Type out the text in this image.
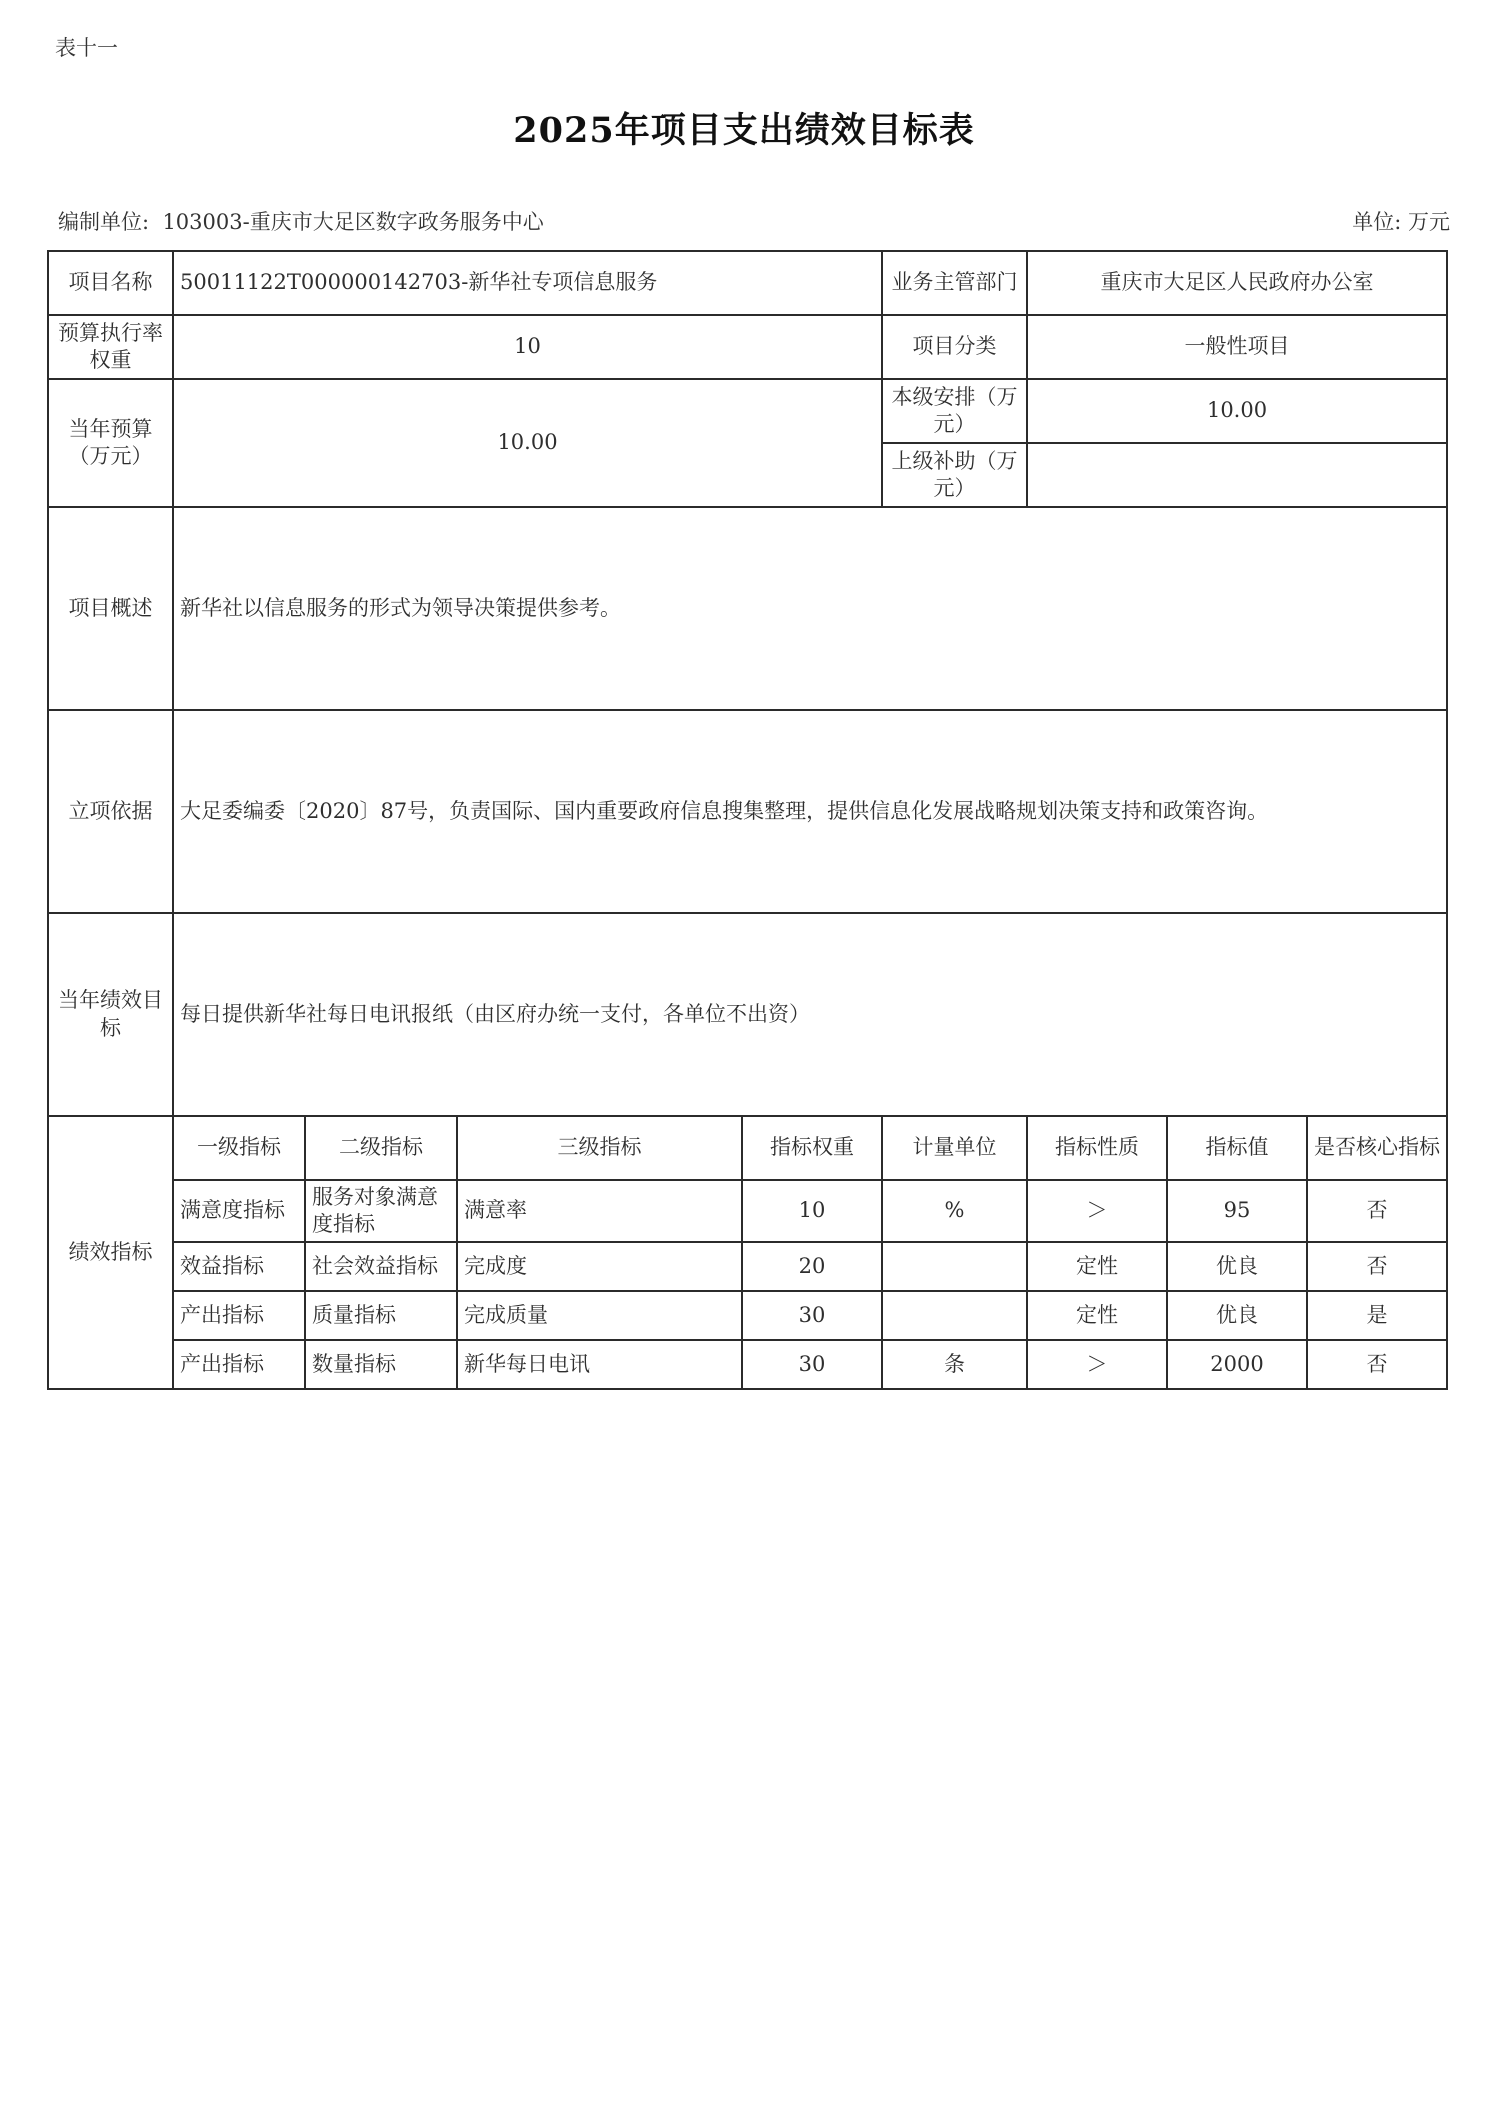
表十一
2025年项目支出绩效目标表
编制单位: 103003-重庆市大足区数字政务服务中心	单位: 万元
项目名称	50011122T000000142703-新华社专项信息服务				业务主管部门	重庆市大足区人民政府办公室		
预算执行率权重	10				项目分类	一般性项目		
当年预算（万元）	10.00				本级安排（万元）	10.00		
					上级补助（万元）			
项目概述	新华社以信息服务的形式为领导决策提供参考。							
立项依据	大足委编委〔2020〕87号，负责国际、国内重要政府信息搜集整理，提供信息化发展战略规划决策支持和政策咨询。							
当年绩效目标	每日提供新华社每日电讯报纸（由区府办统一支付，各单位不出资）							
绩效指标	一级指标	二级指标	三级指标	指标权重	计量单位	指标性质	指标值	是否核心指标
	满意度指标	服务对象满意度指标	满意率	10	%	＞	95	否
	效益指标	社会效益指标	完成度	20		定性	优良	否
	产出指标	质量指标	完成质量	30		定性	优良	是
	产出指标	数量指标	新华每日电讯	30	条	＞	2000	否
